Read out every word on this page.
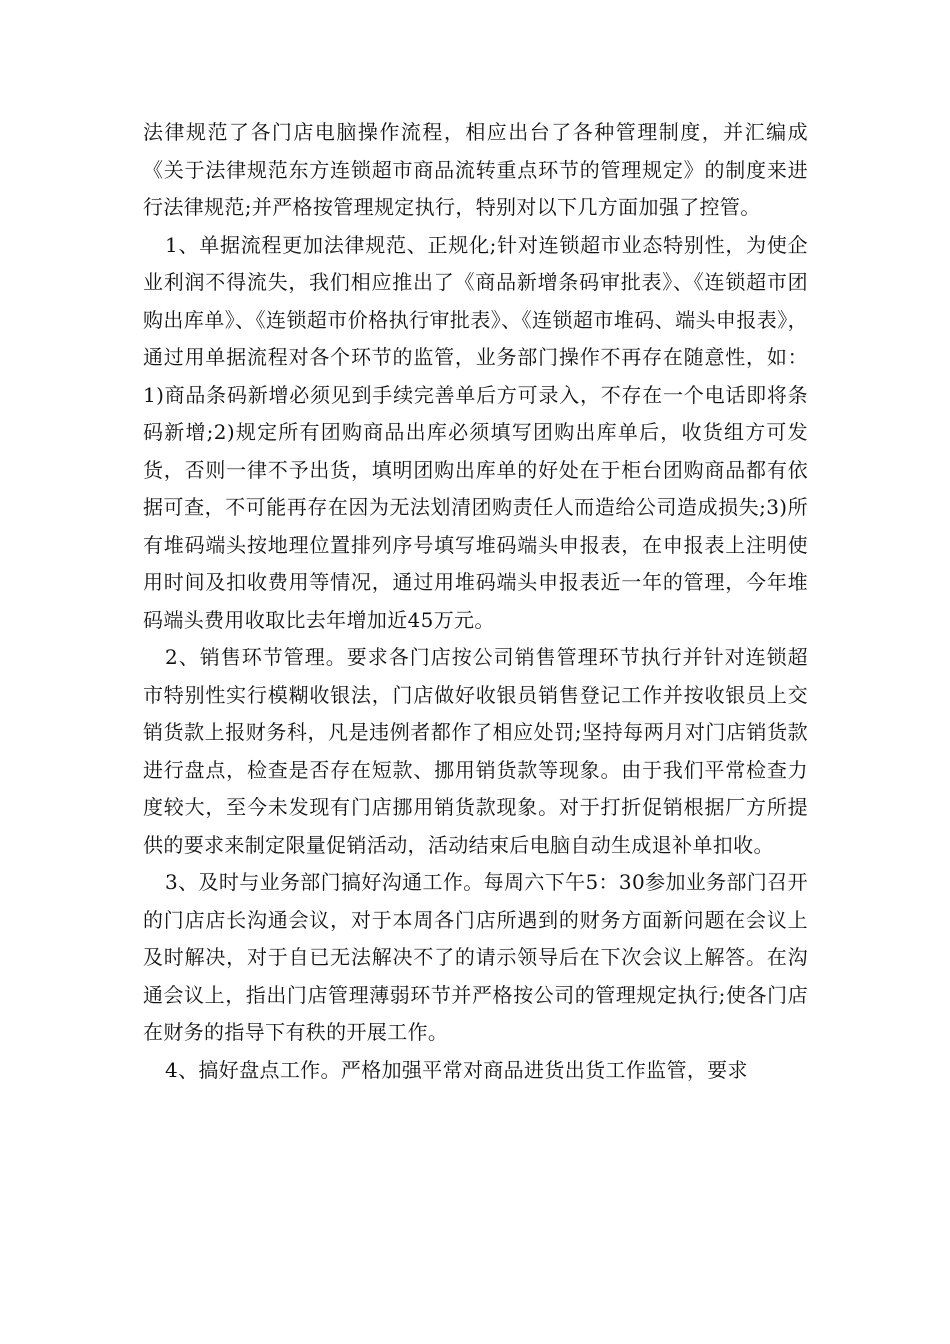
法律规范了各门店电脑操作流程，相应出台了各种管理制度，并汇编成《关于法律规范东方连锁超市商品流转重点环节的管理规定》的制度来进行法律规范;并严格按管理规定执行，特别对以下几方面加强了控管。

1、单据流程更加法律规范、正规化;针对连锁超市业态特别性，为使企业利润不得流失，我们相应推出了《商品新增条码审批表》、《连锁超市团购出库单》、《连锁超市价格执行审批表》、《连锁超市堆码、端头申报表》，通过用单据流程对各个环节的监管，业务部门操作不再存在随意性，如：1)商品条码新增必须见到手续完善单后方可录入，不存在一个电话即将条码新增;2)规定所有团购商品出库必须填写团购出库单后，收货组方可发货，否则一律不予出货，填明团购出库单的好处在于柜台团购商品都有依据可查，不可能再存在因为无法划清团购责任人而造给公司造成损失;3)所有堆码端头按地理位置排列序号填写堆码端头申报表，在申报表上注明使用时间及扣收费用等情况，通过用堆码端头申报表近一年的管理，今年堆码端头费用收取比去年增加近45万元。

2、销售环节管理。要求各门店按公司销售管理环节执行并针对连锁超市特别性实行模糊收银法，门店做好收银员销售登记工作并按收银员上交销货款上报财务科，凡是违例者都作了相应处罚;坚持每两月对门店销货款进行盘点，检查是否存在短款、挪用销货款等现象。由于我们平常检查力度较大，至今未发现有门店挪用销货款现象。对于打折促销根据厂方所提供的要求来制定限量促销活动，活动结束后电脑自动生成退补单扣收。

3、及时与业务部门搞好沟通工作。每周六下午5：30参加业务部门召开的门店店长沟通会议，对于本周各门店所遇到的财务方面新问题在会议上及时解决，对于自已无法解决不了的请示领导后在下次会议上解答。在沟通会议上，指出门店管理薄弱环节并严格按公司的管理规定执行;使各门店在财务的指导下有秩的开展工作。

4、搞好盘点工作。严格加强平常对商品进货出货工作监管，要求
